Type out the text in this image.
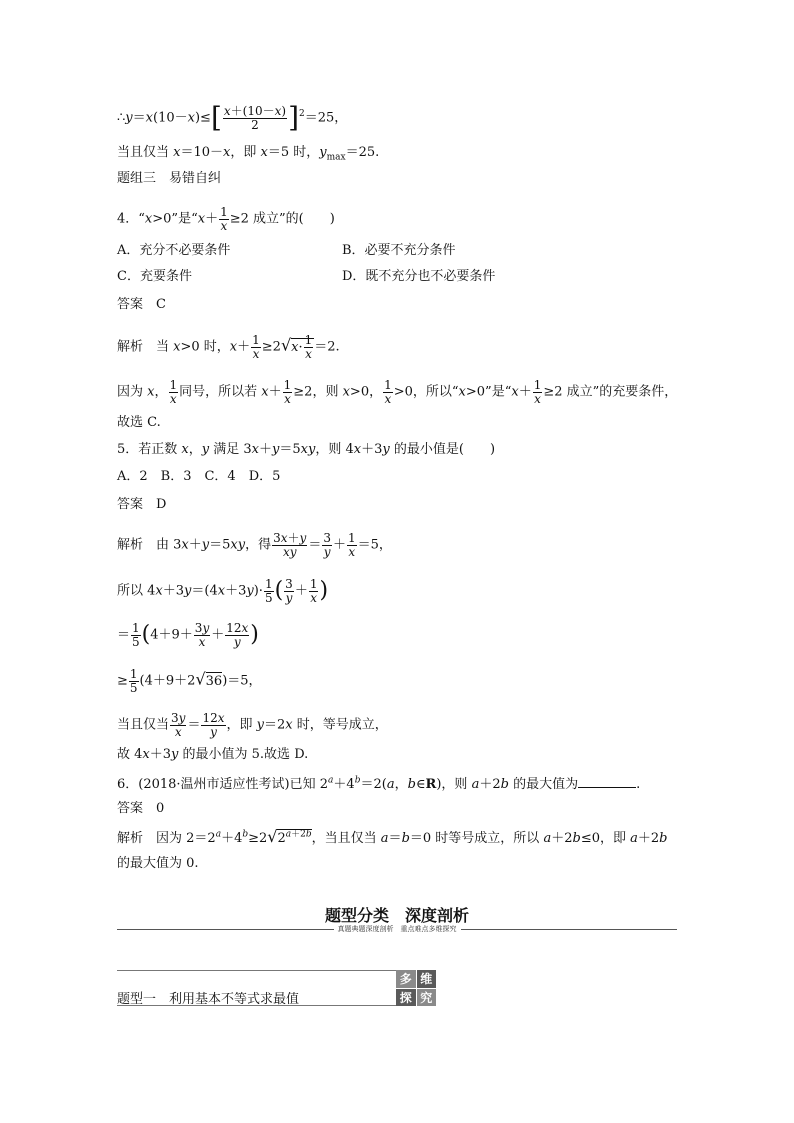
∴y＝x(10－x)≤[ $\frac{x+(10-x)}{2} ]^2=25$，
当且仅当 x＝10－x，即 x＝5 时，$y_{max}=25$.
题组三　易错自纠
4．“x>0”是“$x+ \frac{1}{x} \ge 2$ 成立”的(　　)
A．充分不必要条件	B．必要不充分条件
C．充要条件	D．既不充分也不必要条件
答案　C
解析　当 x>0 时，$x+ \frac{1}{x} \ge 2√x\cdot \frac{1}{x} =2$.
因为 x， $\frac{1}{x}$ 同号，所以若 $x+ \frac{1}{x} \ge 2$，则 x>0， $\frac{1}{x} >0$，所以“x>0”是“$x+ \frac{1}{x} \ge 2$ 成立”的充要条件，
故选 C.
5．若正数 x，y 满足 3x＋y＝5xy，则 4x＋3y 的最小值是(　　)
A．2　B．3　C．4　D．5
答案　D
解析　由 3x＋y＝5xy，得 $\frac{3x+y}{xy} = \frac{3}{y} + \frac{1}{x} =5$，
所以 $4x+3y=(4x+3y)\cdot \frac{1}{5}$ ( $\frac{3}{y} + \frac{1}{x}$ )
＝ $\frac{1}{5} (4+9+ \frac{3y}{x} + \frac{12x}{y}$ )
≥ $\frac{1}{5} (4+9+2√36)=5$，
当且仅当 $\frac{3y}{x} = \frac{12x}{y}$ ，即 y＝2x 时，等号成立，
故 4x＋3y 的最小值为 5.故选 D.
6．(2018·温州市适应性考试)已知 $2^a+4^b=2(a$，b∈R)，则 a＋2b 的最大值为	.
答案　0
解析　因为 $2=2^a+4^b\ge 2√2^{a+2b}$，当且仅当 a＝b＝0 时等号成立，所以 a＋2b≤0，即 a＋2b
的最大值为 0.
题型分类　深度剖析
真题典题深度剖析　重点难点多维探究
题型一　利用基本不等式求最值
多 维
探 究
